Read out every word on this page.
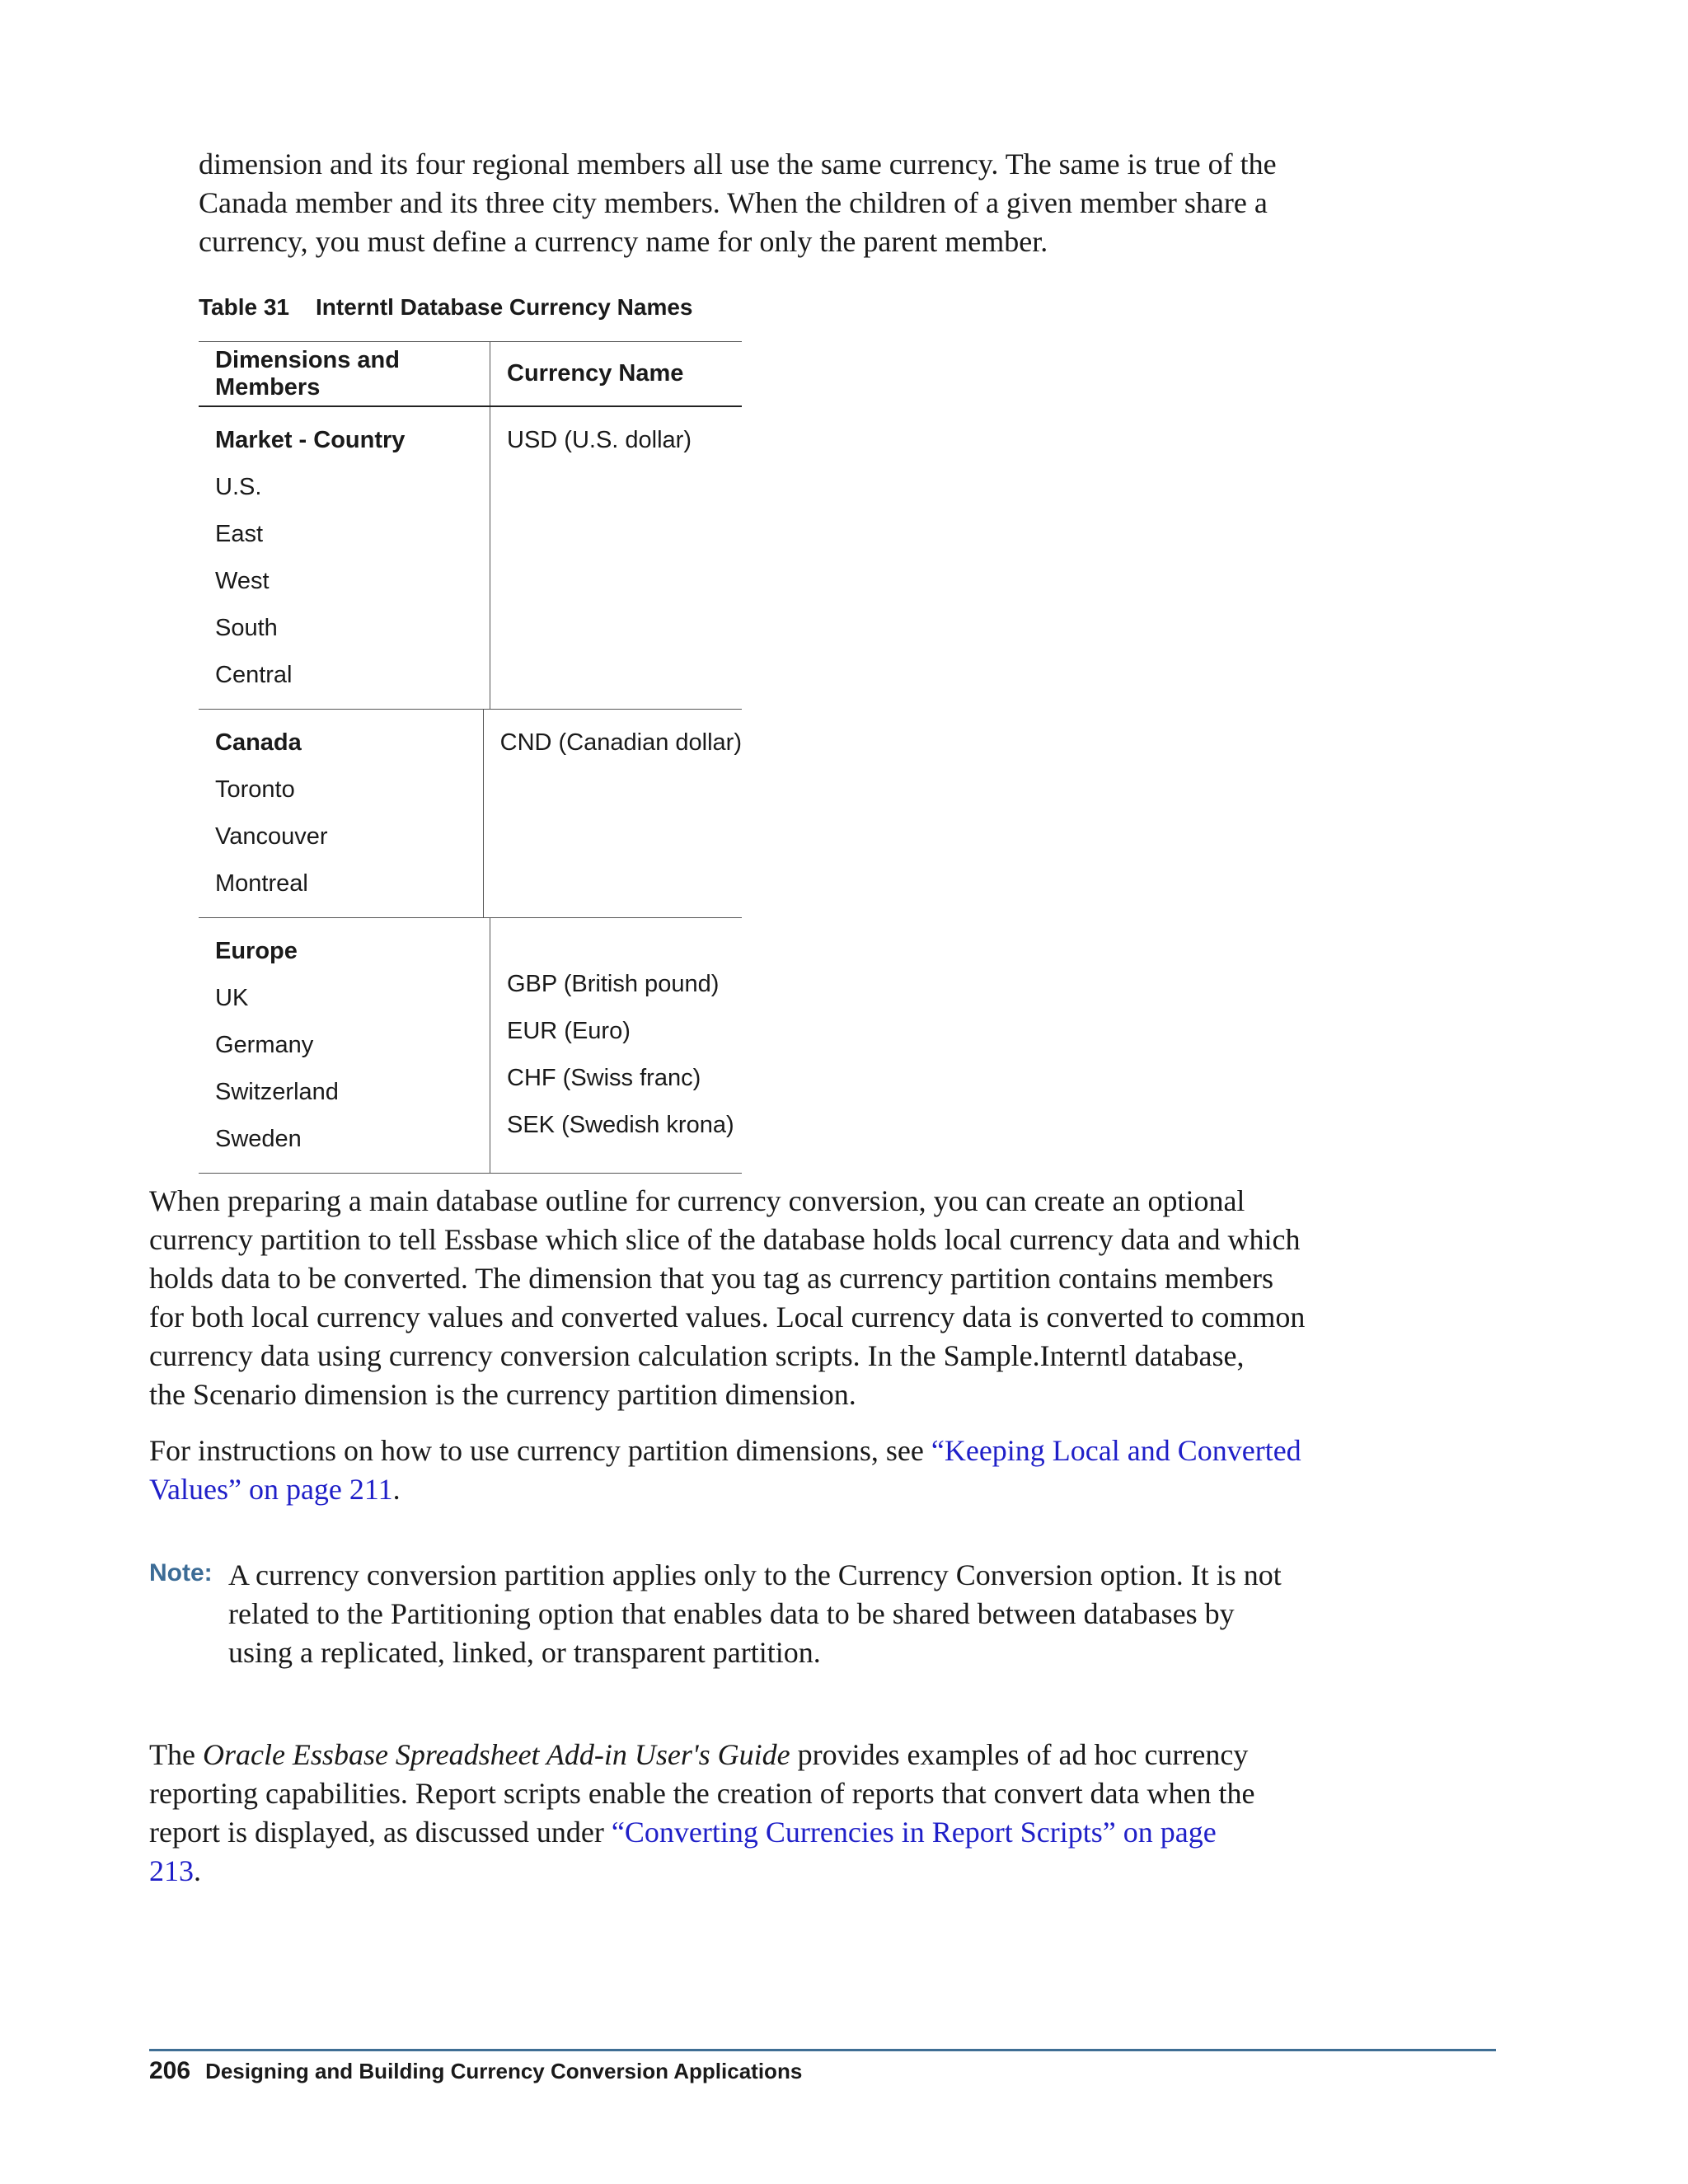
dimension and its four regional members all use the same currency. The same is true of the
Canada member and its three city members. When the children of a given member share a
currency, you must define a currency name for only the parent member.
Table 31 Interntl Database Currency Names
Dimensions and Members
Currency Name
Market - Country
U.S.
East
West
South
Central
USD (U.S. dollar)
Canada
Toronto
Vancouver
Montreal
CND (Canadian dollar)
Europe
UK
Germany
Switzerland
Sweden
GBP (British pound)
EUR (Euro)
CHF (Swiss franc)
SEK (Swedish krona)
When preparing a main database outline for currency conversion, you can create an optional
currency partition to tell Essbase which slice of the database holds local currency data and which
holds data to be converted. The dimension that you tag as currency partition contains members
for both local currency values and converted values. Local currency data is converted to common
currency data using currency conversion calculation scripts. In the Sample.Interntl database,
the Scenario dimension is the currency partition dimension.
For instructions on how to use currency partition dimensions, see “Keeping Local and Converted
Values” on page 211.
Note: A currency conversion partition applies only to the Currency Conversion option. It is not
related to the Partitioning option that enables data to be shared between databases by
using a replicated, linked, or transparent partition.
The Oracle Essbase Spreadsheet Add-in User's Guide provides examples of ad hoc currency
reporting capabilities. Report scripts enable the creation of reports that convert data when the
report is displayed, as discussed under “Converting Currencies in Report Scripts” on page
213.
206 Designing and Building Currency Conversion Applications
